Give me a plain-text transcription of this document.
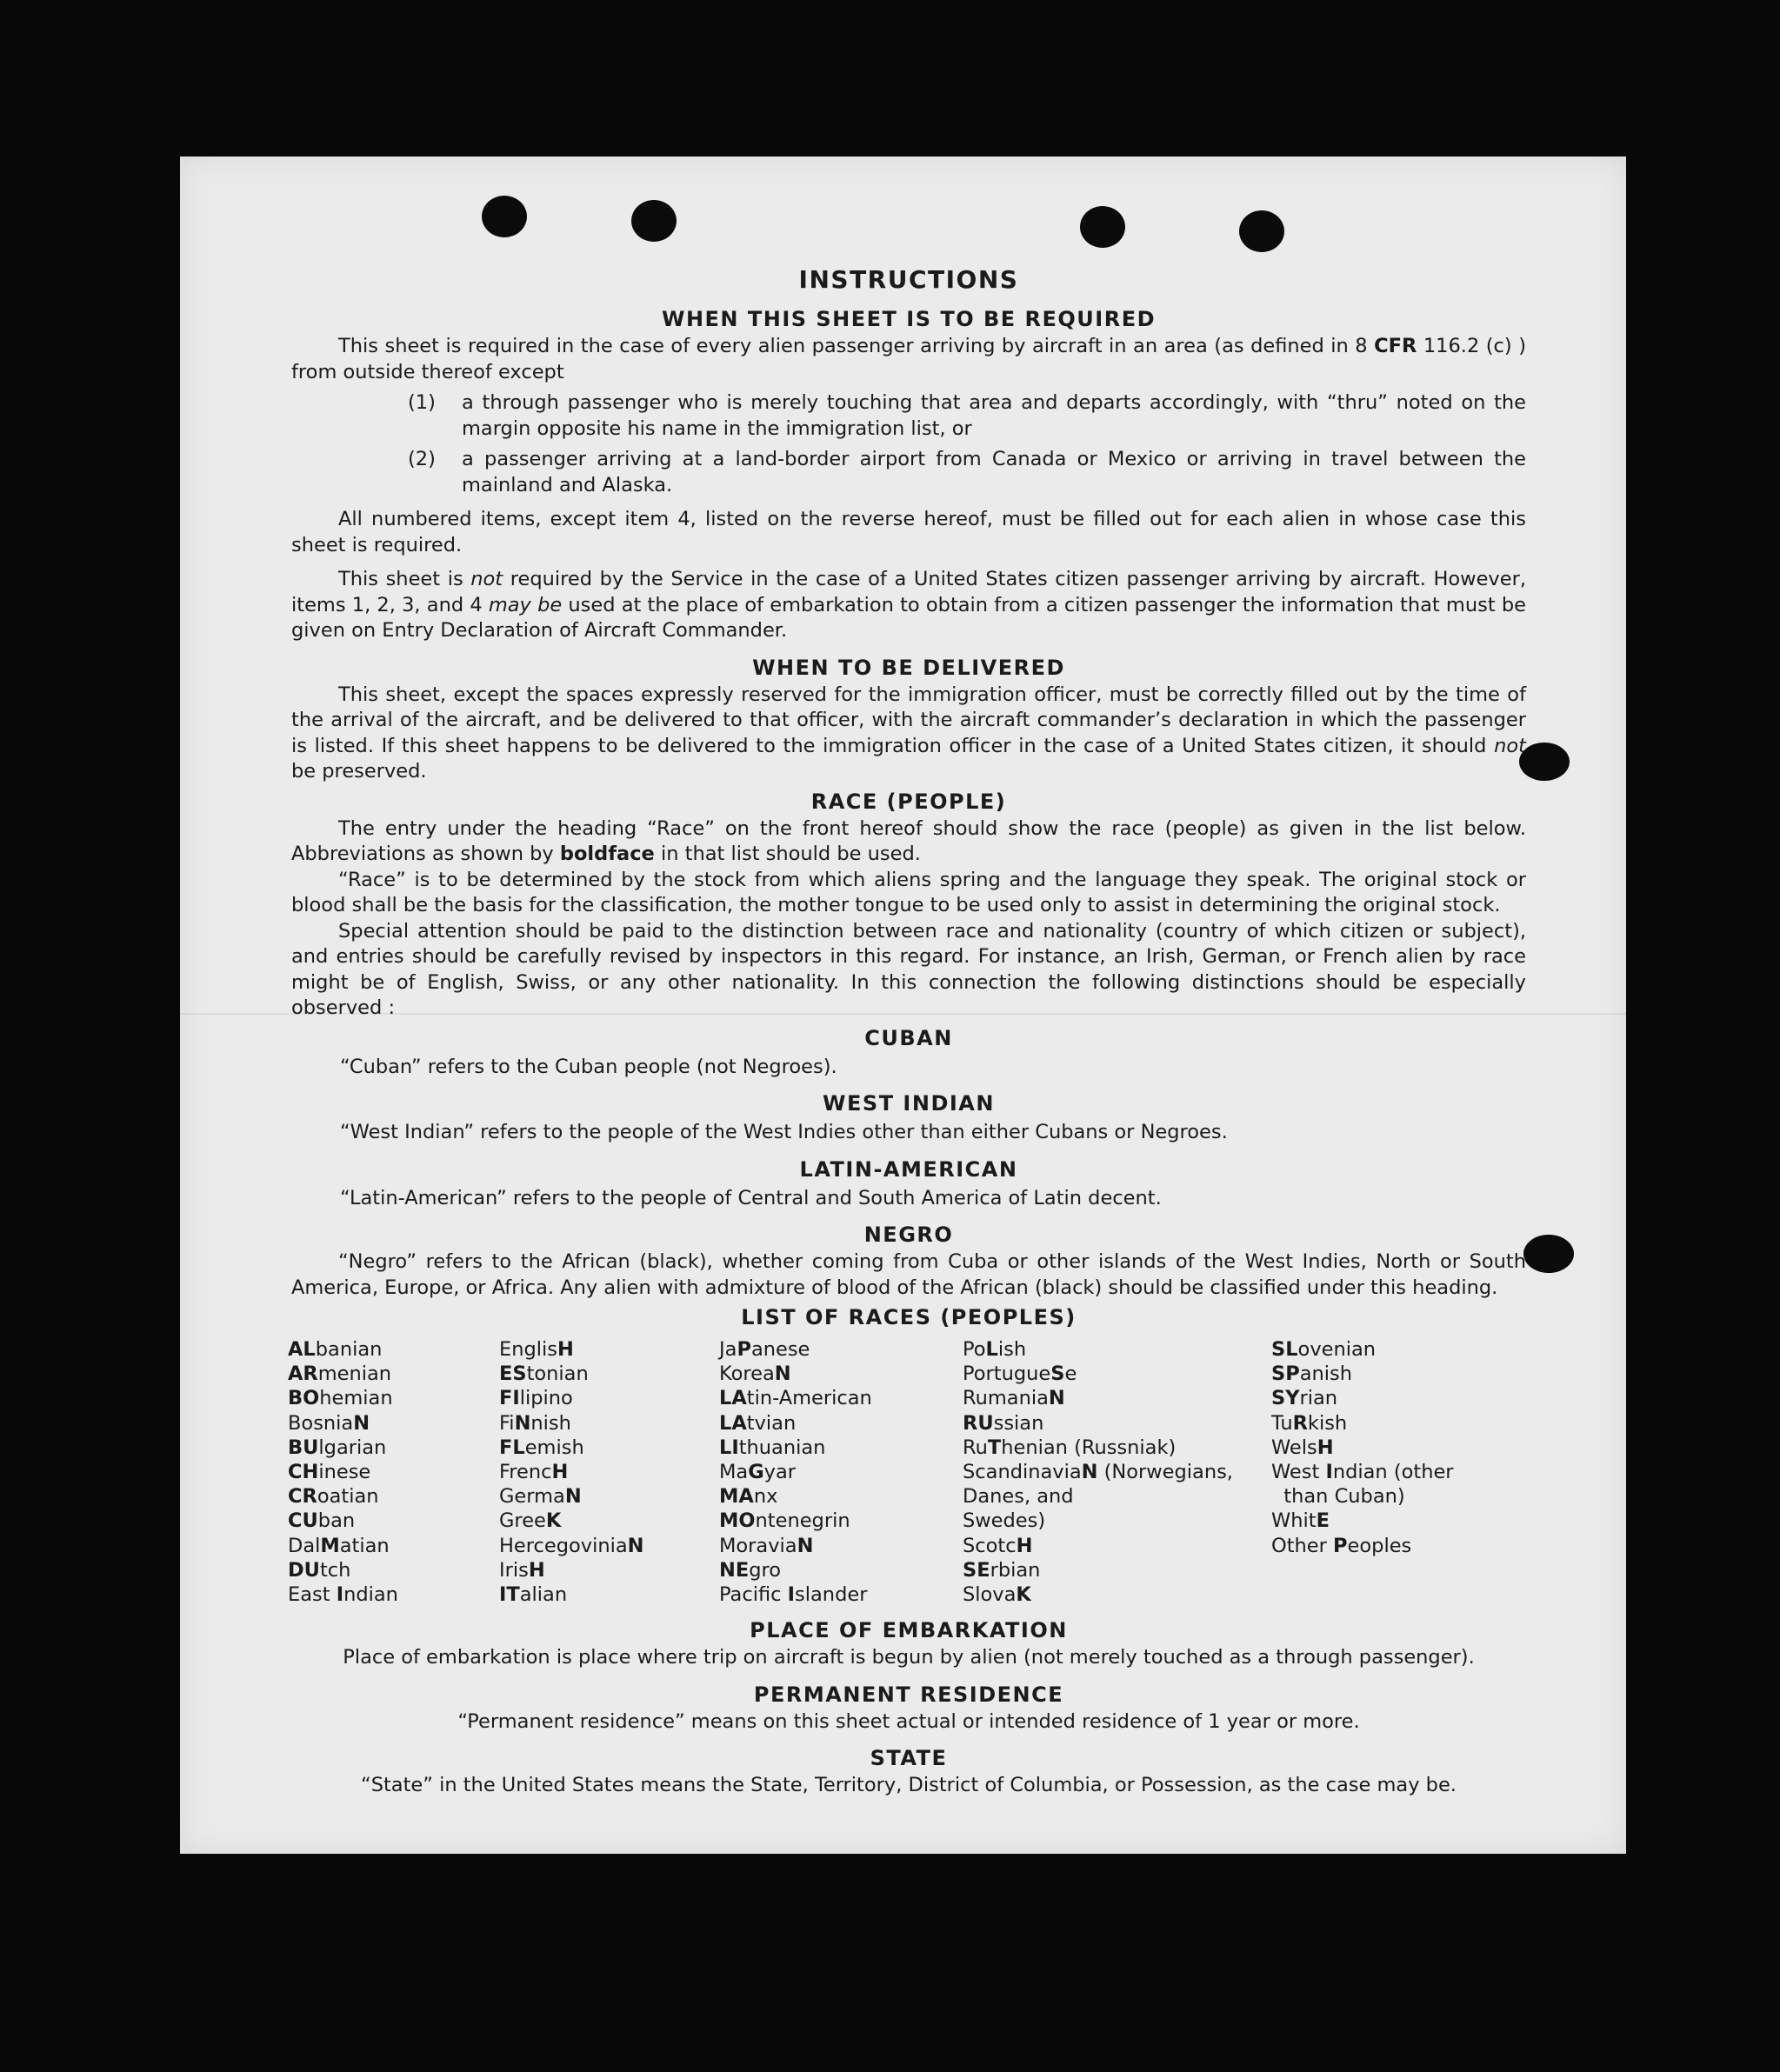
INSTRUCTIONS
WHEN THIS SHEET IS TO BE REQUIRED

This sheet is required in the case of every alien passenger arriving by aircraft in an area (as defined in 8 CFR 116.2 (c) ) from outside thereof except

(1)	a through passenger who is merely touching that area and departs accordingly, with “thru” noted on the margin opposite his name in the immigration list, or
(2)	a passenger arriving at a land-border airport from Canada or Mexico or arriving in travel between the mainland and Alaska.

All numbered items, except item 4, listed on the reverse hereof, must be filled out for each alien in whose case this sheet is required.

This sheet is not required by the Service in the case of a United States citizen passenger arriving by aircraft. However, items 1, 2, 3, and 4 may be used at the place of embarkation to obtain from a citizen passenger the information that must be given on Entry Declaration of Aircraft Commander.

WHEN TO BE DELIVERED

This sheet, except the spaces expressly reserved for the immigration officer, must be correctly filled out by the time of the arrival of the aircraft, and be delivered to that officer, with the aircraft commander’s declaration in which the passenger is listed. If this sheet happens to be delivered to the immigration officer in the case of a United States citizen, it should not be preserved.

RACE (PEOPLE)

The entry under the heading “Race” on the front hereof should show the race (people) as given in the list below. Abbreviations as shown by boldface in that list should be used.

“Race” is to be determined by the stock from which aliens spring and the language they speak. The original stock or blood shall be the basis for the classification, the mother tongue to be used only to assist in determining the original stock.

Special attention should be paid to the distinction between race and nationality (country of which citizen or subject), and entries should be carefully revised by inspectors in this regard. For instance, an Irish, German, or French alien by race might be of English, Swiss, or any other nationality. In this connection the following distinctions should be especially observed :

CUBAN

“Cuban” refers to the Cuban people (not Negroes).

WEST INDIAN

“West Indian” refers to the people of the West Indies other than either Cubans or Negroes.

LATIN-AMERICAN

“Latin-American” refers to the people of Central and South America of Latin decent.

NEGRO

“Negro” refers to the African (black), whether coming from Cuba or other islands of the West Indies, North or South America, Europe, or Africa. Any alien with admixture of blood of the African (black) should be classified under this heading.

LIST OF RACES (PEOPLES)
ALbanian
ARmenian
BOhemian
BosniaN
BUlgarian
CHinese
CRoatian
CUban
DalMatian
DUtch
East Indian
EnglisH
EStonian
FIlipino
FiNnish
FLemish
FrencH
GermaN
GreeK
HercegoviniaN
IrisH
ITalian
JaPanese
KoreaN
LAtin-American
LAtvian
LIthuanian
MaGyar
MAnx
MOntenegrin
MoraviaN
NEgro
Pacific Islander
PoLish
PortugueSe
RumaniaN
RUssian
RuThenian (Russniak)
ScandinaviaN (Norwegians,
Danes, and
Swedes)
ScotcH
SErbian
SlovaK
SLovenian
SPanish
SYrian
TuRkish
WelsH
West Indian (other
than Cuban)
WhitE
Other Peoples
PLACE OF EMBARKATION

Place of embarkation is place where trip on aircraft is begun by alien (not merely touched as a through passenger).

PERMANENT RESIDENCE

“Permanent residence” means on this sheet actual or intended residence of 1 year or more.

STATE

“State” in the United States means the State, Territory, District of Columbia, or Possession, as the case may be.
